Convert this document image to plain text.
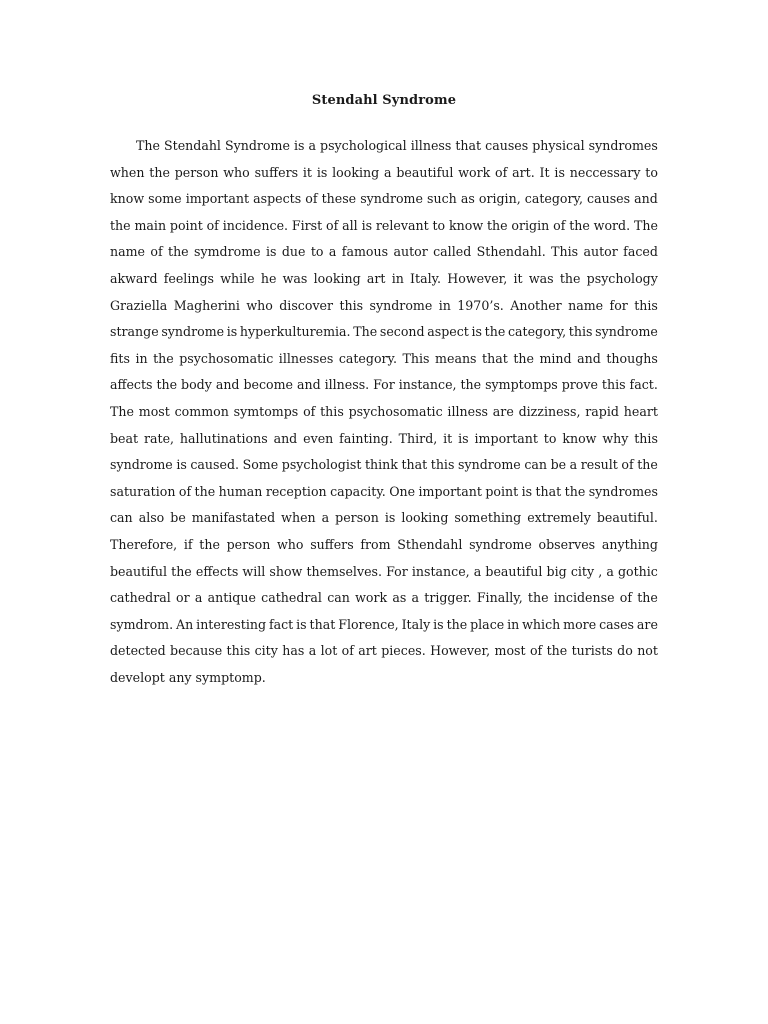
Stendahl Syndrome
The Stendahl Syndrome is a psychological illness that causes physical syndromes
when the person who suffers it is looking a beautiful work of art. It is neccessary to
know some important aspects of these syndrome such as origin, category, causes and
the main point of incidence. First of all is relevant to know the origin of the word. The
name of the symdrome is due to a famous autor called Sthendahl. This autor faced
akward feelings while he was looking art in Italy. However, it was the psychology
Graziella Magherini who discover this syndrome in 1970’s. Another name for this
strange syndrome is hyperkulturemia. The second aspect is the category, this syndrome
fits in the psychosomatic illnesses category. This means that the mind and thoughs
affects the body and become and illness. For instance, the symptomps prove this fact.
The most common symtomps of this psychosomatic illness are dizziness, rapid heart
beat rate, hallutinations and even fainting. Third, it is important to know why this
syndrome is caused. Some psychologist think that this syndrome can be a result of the
saturation of the human reception capacity. One important point is that the syndromes
can also be manifastated when a person is looking something extremely beautiful.
Therefore, if the person who suffers from Sthendahl syndrome observes anything
beautiful the effects will show themselves. For instance, a beautiful big city , a gothic
cathedral or a antique cathedral can work as a trigger. Finally, the incidense of the
symdrom. An interesting fact is that Florence, Italy is the place in which more cases are
detected because this city has a lot of art pieces. However, most of the turists do not
developt any symptomp.
